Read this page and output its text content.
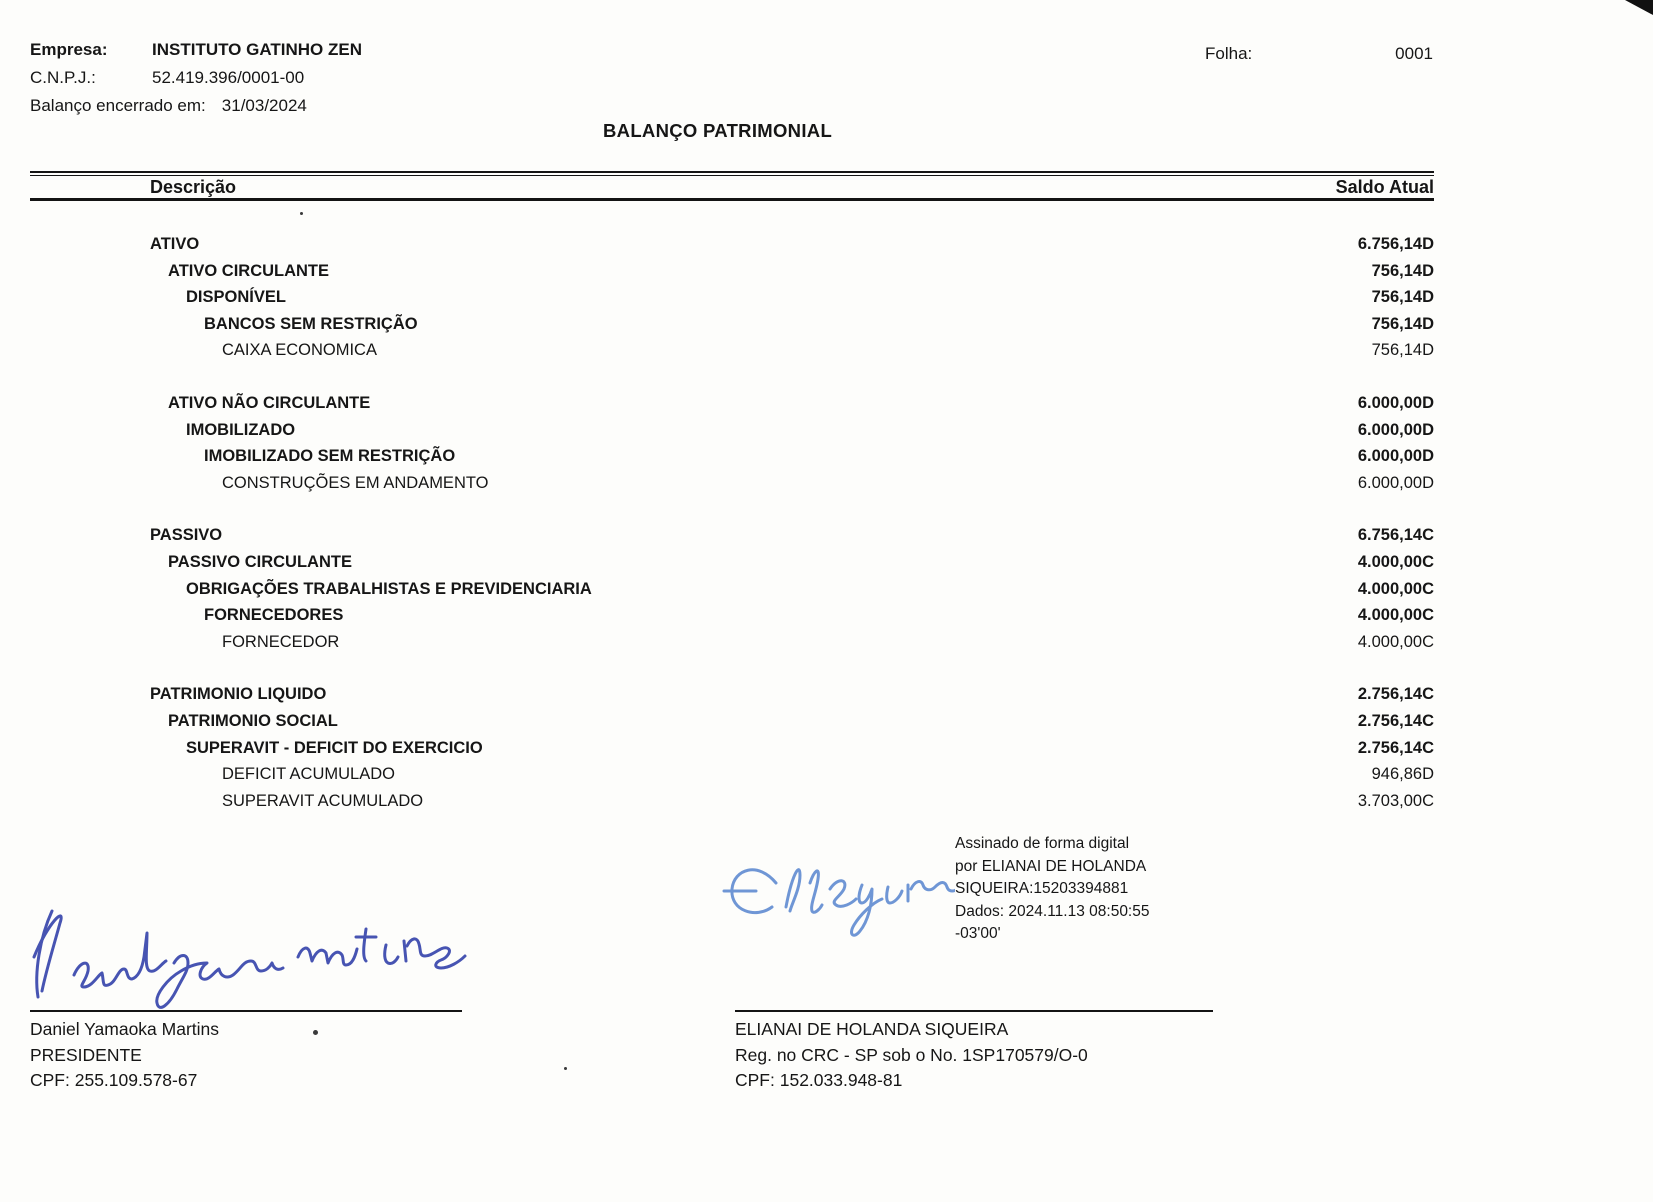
Empresa:	INSTITUTO GATINHO ZEN
C.N.P.J.:	52.419.396/0001-00
Balanço encerrado em: 31/03/2024
Folha:	0001
BALANÇO PATRIMONIAL
Descrição	Saldo Atual
ATIVO	6.756,14D
ATIVO CIRCULANTE	756,14D
DISPONÍVEL	756,14D
BANCOS SEM RESTRIÇÃO	756,14D
CAIXA ECONOMICA	756,14D
ATIVO NÃO CIRCULANTE	6.000,00D
IMOBILIZADO	6.000,00D
IMOBILIZADO SEM RESTRIÇÃO	6.000,00D
CONSTRUÇÕES EM ANDAMENTO	6.000,00D
PASSIVO	6.756,14C
PASSIVO CIRCULANTE	4.000,00C
OBRIGAÇÕES TRABALHISTAS E PREVIDENCIARIA	4.000,00C
FORNECEDORES	4.000,00C
FORNECEDOR	4.000,00C
PATRIMONIO LIQUIDO	2.756,14C
PATRIMONIO SOCIAL	2.756,14C
SUPERAVIT - DEFICIT DO EXERCICIO	2.756,14C
DEFICIT ACUMULADO	946,86D
SUPERAVIT ACUMULADO	3.703,00C
Daniel Yamaoka Martins
PRESIDENTE
CPF: 255.109.578-67
Assinado de forma digital
por ELIANAI DE HOLANDA
SIQUEIRA:15203394881
Dados: 2024.11.13 08:50:55
-03'00'
ELIANAI DE HOLANDA SIQUEIRA
Reg. no CRC - SP sob o No. 1SP170579/O-0
CPF: 152.033.948-81
